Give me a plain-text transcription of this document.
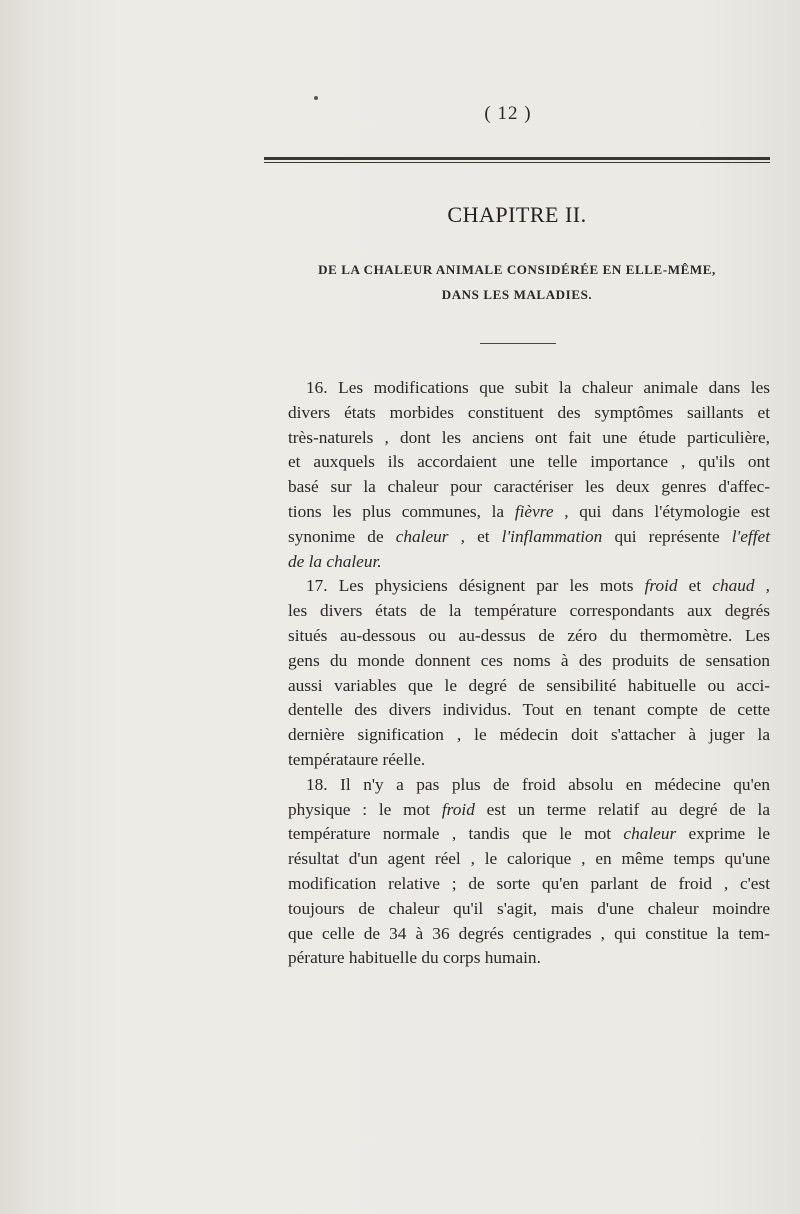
( 12 )
CHAPITRE II.
DE LA CHALEUR ANIMALE CONSIDÉRÉE EN ELLE-MÊME,
DANS LES MALADIES.

16. Les modifications que subit la chaleur animale dans les
divers états morbides constituent des symptômes saillants et
très-naturels , dont les anciens ont fait une étude particulière,
et auxquels ils accordaient une telle importance , qu'ils ont
basé sur la chaleur pour caractériser les deux genres d'affec-
tions les plus communes, la fièvre , qui dans l'étymologie est
synonime de chaleur , et l'inflammation qui représente l'effet
de la chaleur.

17. Les physiciens désignent par les mots froid et chaud ,
les divers états de la température correspondants aux degrés
situés au-dessous ou au-dessus de zéro du thermomètre. Les
gens du monde donnent ces noms à des produits de sensation
aussi variables que le degré de sensibilité habituelle ou acci-
dentelle des divers individus. Tout en tenant compte de cette
dernière signification , le médecin doit s'attacher à juger la
températaure réelle.

18. Il n'y a pas plus de froid absolu en médecine qu'en
physique : le mot froid est un terme relatif au degré de la
température normale , tandis que le mot chaleur exprime le
résultat d'un agent réel , le calorique , en même temps qu'une
modification relative ; de sorte qu'en parlant de froid , c'est
toujours de chaleur qu'il s'agit, mais d'une chaleur moindre
que celle de 34 à 36 degrés centigrades , qui constitue la tem-
pérature habituelle du corps humain.
